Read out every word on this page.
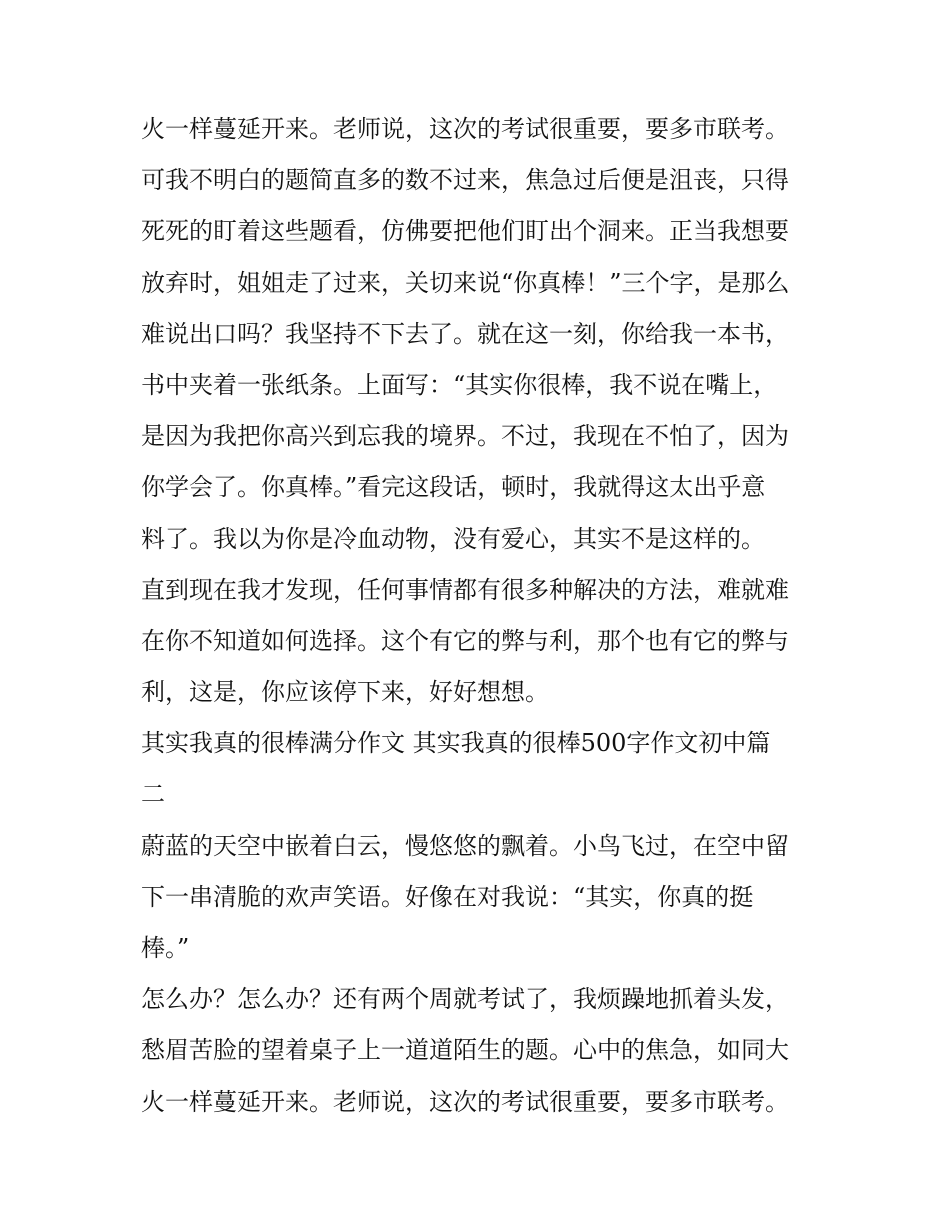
火一样蔓延开来。老师说，这次的考试很重要，要多市联考。
可我不明白的题简直多的数不过来，焦急过后便是沮丧，只得
死死的盯着这些题看，仿佛要把他们盯出个洞来。正当我想要
放弃时，姐姐走了过来，关切来说“你真棒！”三个字，是那么
难说出口吗？我坚持不下去了。就在这一刻，你给我一本书，
书中夹着一张纸条。上面写：“其实你很棒，我不说在嘴上，
是因为我把你高兴到忘我的境界。不过，我现在不怕了，因为
你学会了。你真棒。”看完这段话，顿时，我就得这太出乎意
料了。我以为你是冷血动物，没有爱心，其实不是这样的。
直到现在我才发现，任何事情都有很多种解决的方法，难就难
在你不知道如何选择。这个有它的弊与利，那个也有它的弊与
利，这是，你应该停下来，好好想想。
其实我真的很棒满分作文 其实我真的很棒500字作文初中篇
二
蔚蓝的天空中嵌着白云，慢悠悠的飘着。小鸟飞过，在空中留
下一串清脆的欢声笑语。好像在对我说：“其实，你真的挺
棒。”
怎么办？怎么办？还有两个周就考试了，我烦躁地抓着头发，
愁眉苦脸的望着桌子上一道道陌生的题。心中的焦急，如同大
火一样蔓延开来。老师说，这次的考试很重要，要多市联考。
